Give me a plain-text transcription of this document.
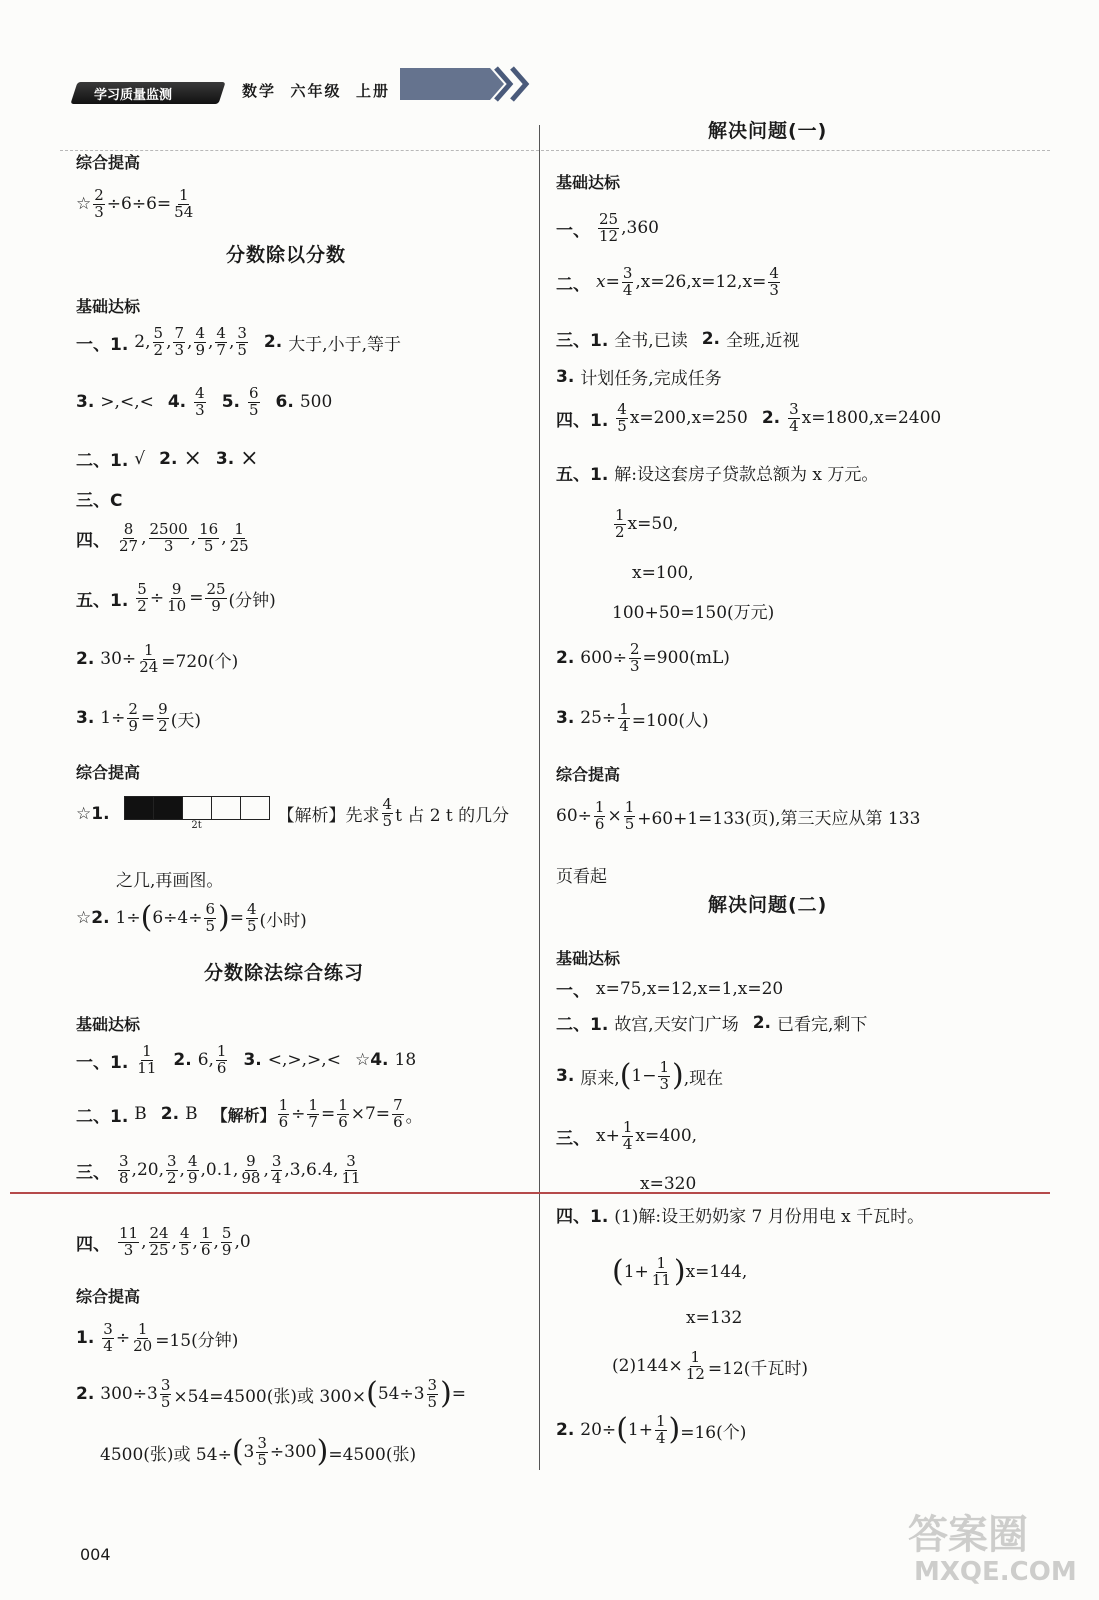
学习质量监测	数学 六年级 上册
综合提高
☆ $\frac{2}{3} \div 6\div 6= \frac{1}{54}$
分数除以分数
基础达标
一、1. 2, $\frac{5}{2}$ , $\frac{7}{3}$ , $\frac{4}{9}$ , $\frac{4}{7}$ , $\frac{3}{5} 2$. 大于,小于,等于
3. >,<,< 4. $\frac{4}{3} 5$. $\frac{6}{5} 6$. 500
二、1. √ 2. × 3. ×
三、C
四、 $\frac{8}{27}$ , $\frac{2500}{3}$ , $\frac{16}{5}$ , $\frac{1}{25}$
五、1. $\frac{5}{2} \div \frac{9}{10} = \frac{25}{9}$ (分钟)
2. $30\div \frac{1}{24} =720$(个)
3. $1\div \frac{2}{9} = \frac{9}{2}$ (天)
综合提高
☆1.
2t	【解析】先求 $\frac{4}{5}$ t 占 2 t 的几分
之几,再画图。
☆2. 1÷ ( $6\div 4\div \frac{6}{5}$ ) = $\frac{4}{5}$ (小时)
分数除法综合练习
基础达标
一、1. $\frac{1}{11} 2$. 6, $\frac{1}{6} 3$. <,>,>,< ☆4. 18
二、1. B 2. B 【解析】 $\frac{1}{6} \div \frac{1}{7} = \frac{1}{6} \times 7= \frac{7}{6}$ 。
三、 $\frac{3}{8} ,20$, $\frac{3}{2}$ , $\frac{4}{9} ,0.1$, $\frac{9}{98}$ , $\frac{3}{4} ,3,6.4$, $\frac{3}{11}$
四、 $\frac{11}{3}$ , $\frac{24}{25}$ , $\frac{4}{5}$ , $\frac{1}{6}$ , $\frac{5}{9} ,0$
综合提高
1. $\frac{3}{4} \div \frac{1}{20} =15$(分钟)
2. $300\div 3 \frac{3}{5} \times 54=4500$(张)或 300× ( $54\div 3 \frac{3}{5}$ ) =
4500(张)或 54÷ ( $3 \frac{3}{5} \div 300$ ) =4500(张)
解决问题(一)
基础达标
一、 $\frac{25}{12} ,360$
二、 $x= \frac{3}{4} ,x=26,x=12,x= \frac{4}{3}$
三、1. 全书,已读 2. 全班,近视
3. 计划任务,完成任务
四、1. $\frac{4}{5} x=200,x=250$ 2. $\frac{3}{4} x=1800,x=2400$
五、1. 解:设这套房子贷款总额为 x 万元。
$\frac{1}{2} x=50$,
x=100,
100+50=150(万元)
2. $600\div \frac{2}{3} =900(mL)$
3. $25\div \frac{1}{4} =100$(人)
综合提高
$60\div \frac{1}{6} \times \frac{1}{5} +60+1=133$(页),第三天应从第 133
页看起
解决问题(二)
基础达标
一、 x=75,x=12,x=1,x=20
二、1. 故宫,天安门广场 2. 已看完,剩下
3. 原来, ( $1- \frac{1}{3}$ ) ,现在
三、 $x+ \frac{1}{4} x=400$,
x=320
四、1. (1)解:设王奶奶家 7 月份用电 x 千瓦时。
( $1+ \frac{1}{11}$ ) x=144,
x=132
$(2)144\times \frac{1}{12} =12$(千瓦时)
2. 20÷ ( $1+ \frac{1}{4}$ ) =16(个)
004	答案圈
MXQE.COM
